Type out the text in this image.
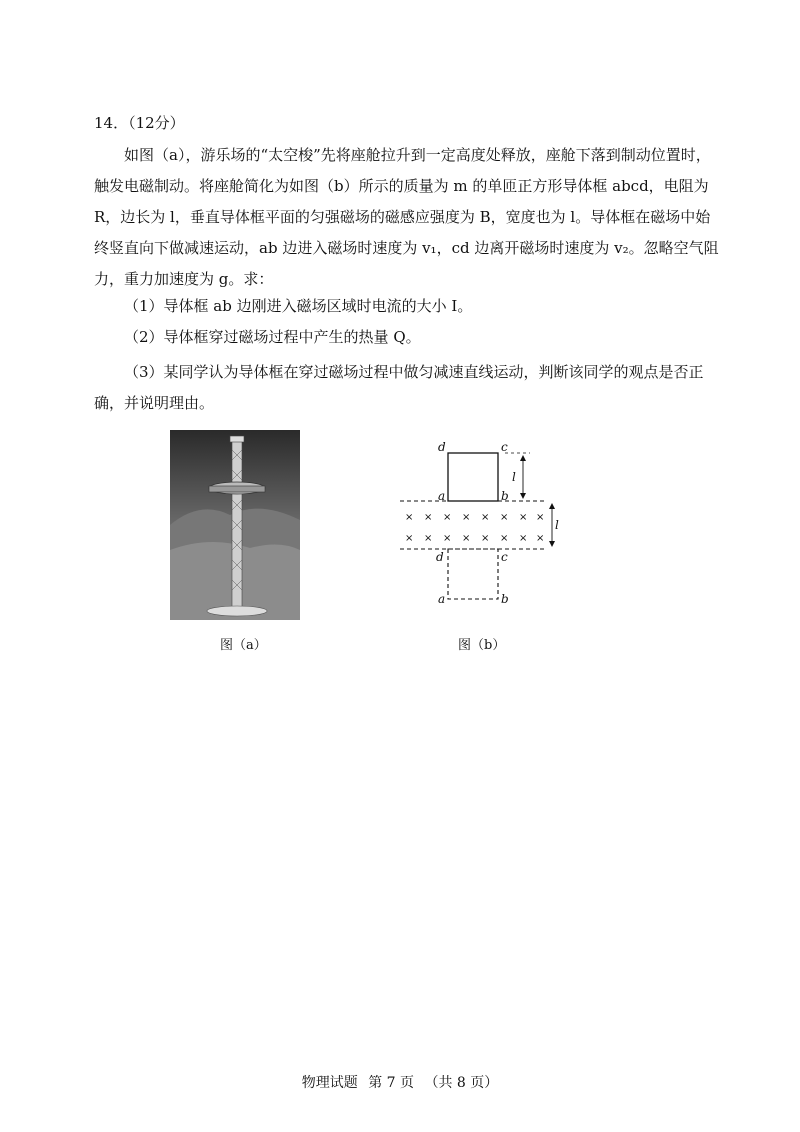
14．（12分）
如图（a），游乐场的“太空梭”先将座舱拉升到一定高度处释放，座舱下落到制动位置时，触发电磁制动。将座舱简化为如图（b）所示的质量为 m 的单匝正方形导体框 abcd，电阻为 R，边长为 l，垂直导体框平面的匀强磁场的磁感应强度为 B，宽度也为 l。导体框在磁场中始终竖直向下做减速运动，ab 边进入磁场时速度为 v₁，cd 边离开磁场时速度为 v₂。忽略空气阻力，重力加速度为 g。求：
（1）导体框 ab 边刚进入磁场区域时电流的大小 I。
（2）导体框穿过磁场过程中产生的热量 Q。
（3）某同学认为导体框在穿过磁场过程中做匀减速直线运动，判断该同学的观点是否正确，并说明理由。
d	c
a	b
d	c
a	b
l
l
× × × × × × × ×
× × × × × × × ×
图（a）	图（b）
物理试题 第 7 页 （共 8 页）
